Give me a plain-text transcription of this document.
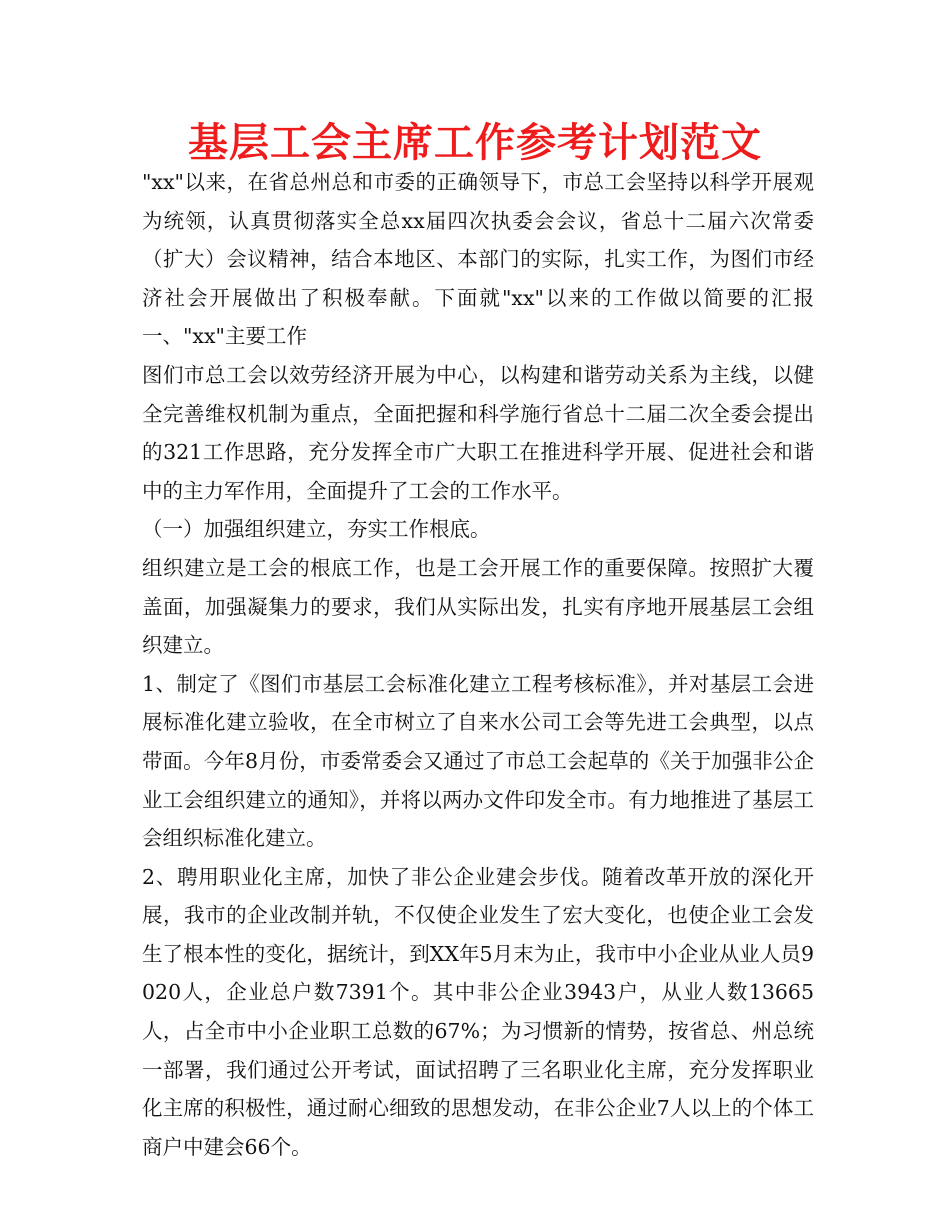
基层工会主席工作参考计划范文

"xx"以来，在省总州总和市委的正确领导下，市总工会坚持以科学开展观为统领，认真贯彻落实全总xx届四次执委会会议，省总十二届六次常委（扩大）会议精神，结合本地区、本部门的实际，扎实工作，为图们市经济社会开展做出了积极奉献。下面就"xx"以来的工作做以简要的汇报一、"xx"主要工作

图们市总工会以效劳经济开展为中心，以构建和谐劳动关系为主线，以健全完善维权机制为重点，全面把握和科学施行省总十二届二次全委会提出的321工作思路，充分发挥全市广大职工在推进科学开展、促进社会和谐中的主力军作用，全面提升了工会的工作水平。

（一）加强组织建立，夯实工作根底。

组织建立是工会的根底工作，也是工会开展工作的重要保障。按照扩大覆盖面，加强凝集力的要求，我们从实际出发，扎实有序地开展基层工会组织建立。

1、制定了《图们市基层工会标准化建立工程考核标准》，并对基层工会进展标准化建立验收，在全市树立了自来水公司工会等先进工会典型，以点带面。今年8月份，市委常委会又通过了市总工会起草的《关于加强非公企业工会组织建立的通知》，并将以两办文件印发全市。有力地推进了基层工会组织标准化建立。

2、聘用职业化主席，加快了非公企业建会步伐。随着改革开放的深化开展，我市的企业改制并轨，不仅使企业发生了宏大变化，也使企业工会发生了根本性的变化，据统计，到XX年5月末为止，我市中小企业从业人员9020人，企业总户数7391个。其中非公企业3943户，从业人数13665人，占全市中小企业职工总数的67%；为习惯新的情势，按省总、州总统一部署，我们通过公开考试，面试招聘了三名职业化主席，充分发挥职业化主席的积极性，通过耐心细致的思想发动，在非公企业7人以上的个体工商户中建会66个。
